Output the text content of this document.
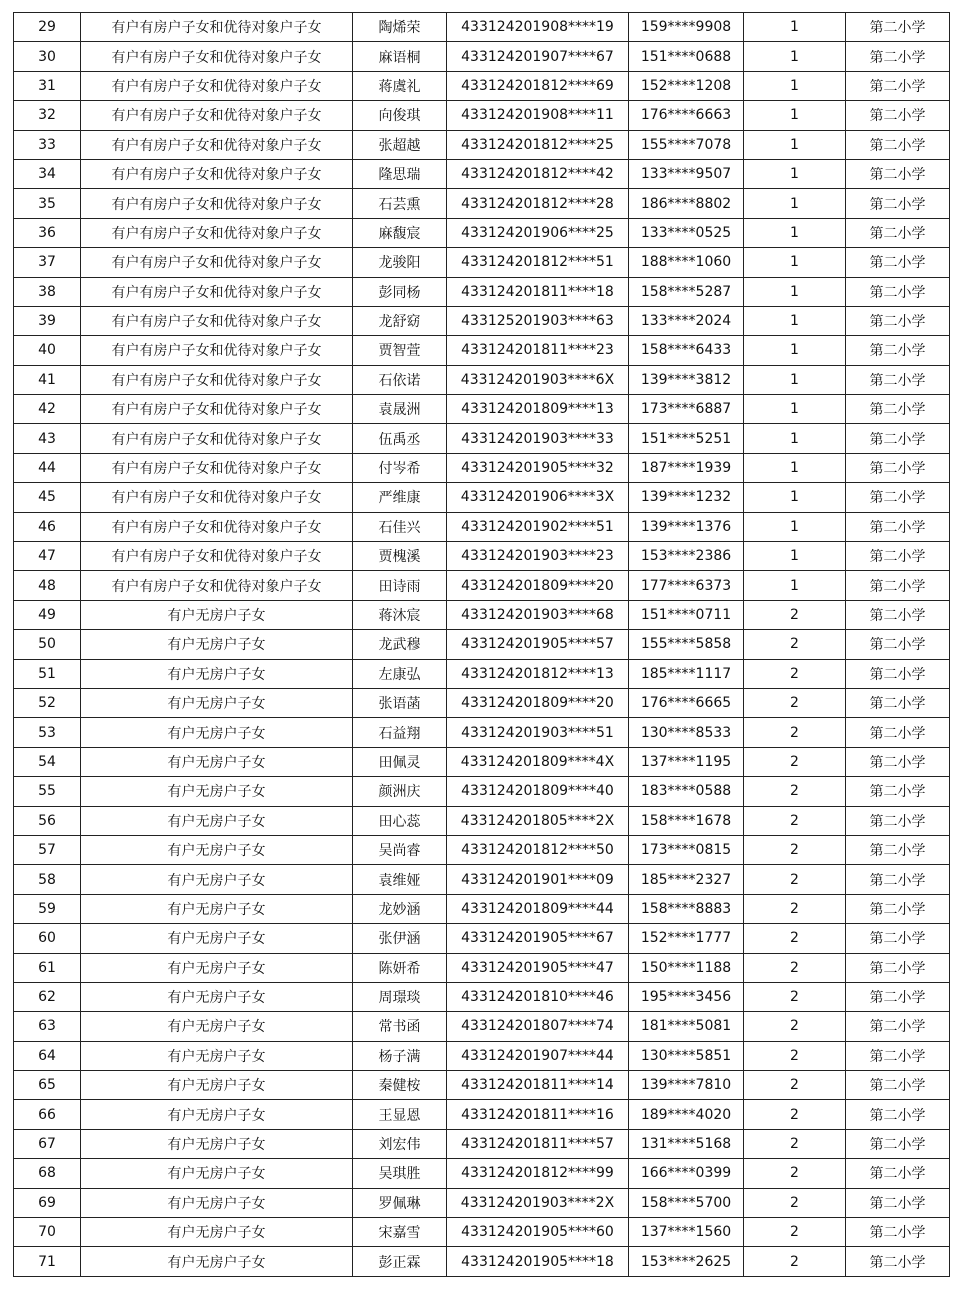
29	有户有房户子女和优待对象户子女	陶烯荣	433124201908****19	159****9908	1	第二小学
30	有户有房户子女和优待对象户子女	麻语桐	433124201907****67	151****0688	1	第二小学
31	有户有房户子女和优待对象户子女	蒋虞礼	433124201812****69	152****1208	1	第二小学
32	有户有房户子女和优待对象户子女	向俊琪	433124201908****11	176****6663	1	第二小学
33	有户有房户子女和优待对象户子女	张超越	433124201812****25	155****7078	1	第二小学
34	有户有房户子女和优待对象户子女	隆思瑞	433124201812****42	133****9507	1	第二小学
35	有户有房户子女和优待对象户子女	石芸熏	433124201812****28	186****8802	1	第二小学
36	有户有房户子女和优待对象户子女	麻馥宸	433124201906****25	133****0525	1	第二小学
37	有户有房户子女和优待对象户子女	龙骏阳	433124201812****51	188****1060	1	第二小学
38	有户有房户子女和优待对象户子女	彭同杨	433124201811****18	158****5287	1	第二小学
39	有户有房户子女和优待对象户子女	龙舒窈	433125201903****63	133****2024	1	第二小学
40	有户有房户子女和优待对象户子女	贾智萱	433124201811****23	158****6433	1	第二小学
41	有户有房户子女和优待对象户子女	石依诺	433124201903****6X	139****3812	1	第二小学
42	有户有房户子女和优待对象户子女	袁晟洲	433124201809****13	173****6887	1	第二小学
43	有户有房户子女和优待对象户子女	伍禹丞	433124201903****33	151****5251	1	第二小学
44	有户有房户子女和优待对象户子女	付岑希	433124201905****32	187****1939	1	第二小学
45	有户有房户子女和优待对象户子女	严维康	433124201906****3X	139****1232	1	第二小学
46	有户有房户子女和优待对象户子女	石佳兴	433124201902****51	139****1376	1	第二小学
47	有户有房户子女和优待对象户子女	贾槐溪	433124201903****23	153****2386	1	第二小学
48	有户有房户子女和优待对象户子女	田诗雨	433124201809****20	177****6373	1	第二小学
49	有户无房户子女	蒋沐宸	433124201903****68	151****0711	2	第二小学
50	有户无房户子女	龙武穆	433124201905****57	155****5858	2	第二小学
51	有户无房户子女	左康弘	433124201812****13	185****1117	2	第二小学
52	有户无房户子女	张语菡	433124201809****20	176****6665	2	第二小学
53	有户无房户子女	石益翔	433124201903****51	130****8533	2	第二小学
54	有户无房户子女	田佩灵	433124201809****4X	137****1195	2	第二小学
55	有户无房户子女	颜洲庆	433124201809****40	183****0588	2	第二小学
56	有户无房户子女	田心蕊	433124201805****2X	158****1678	2	第二小学
57	有户无房户子女	吴尚睿	433124201812****50	173****0815	2	第二小学
58	有户无房户子女	袁维娅	433124201901****09	185****2327	2	第二小学
59	有户无房户子女	龙妙涵	433124201809****44	158****8883	2	第二小学
60	有户无房户子女	张伊涵	433124201905****67	152****1777	2	第二小学
61	有户无房户子女	陈妍希	433124201905****47	150****1188	2	第二小学
62	有户无房户子女	周璟琰	433124201810****46	195****3456	2	第二小学
63	有户无房户子女	常书函	433124201807****74	181****5081	2	第二小学
64	有户无房户子女	杨子满	433124201907****44	130****5851	2	第二小学
65	有户无房户子女	秦健桉	433124201811****14	139****7810	2	第二小学
66	有户无房户子女	王显恩	433124201811****16	189****4020	2	第二小学
67	有户无房户子女	刘宏伟	433124201811****57	131****5168	2	第二小学
68	有户无房户子女	吴琪胜	433124201812****99	166****0399	2	第二小学
69	有户无房户子女	罗佩琳	433124201903****2X	158****5700	2	第二小学
70	有户无房户子女	宋嘉雪	433124201905****60	137****1560	2	第二小学
71	有户无房户子女	彭正霖	433124201905****18	153****2625	2	第二小学
